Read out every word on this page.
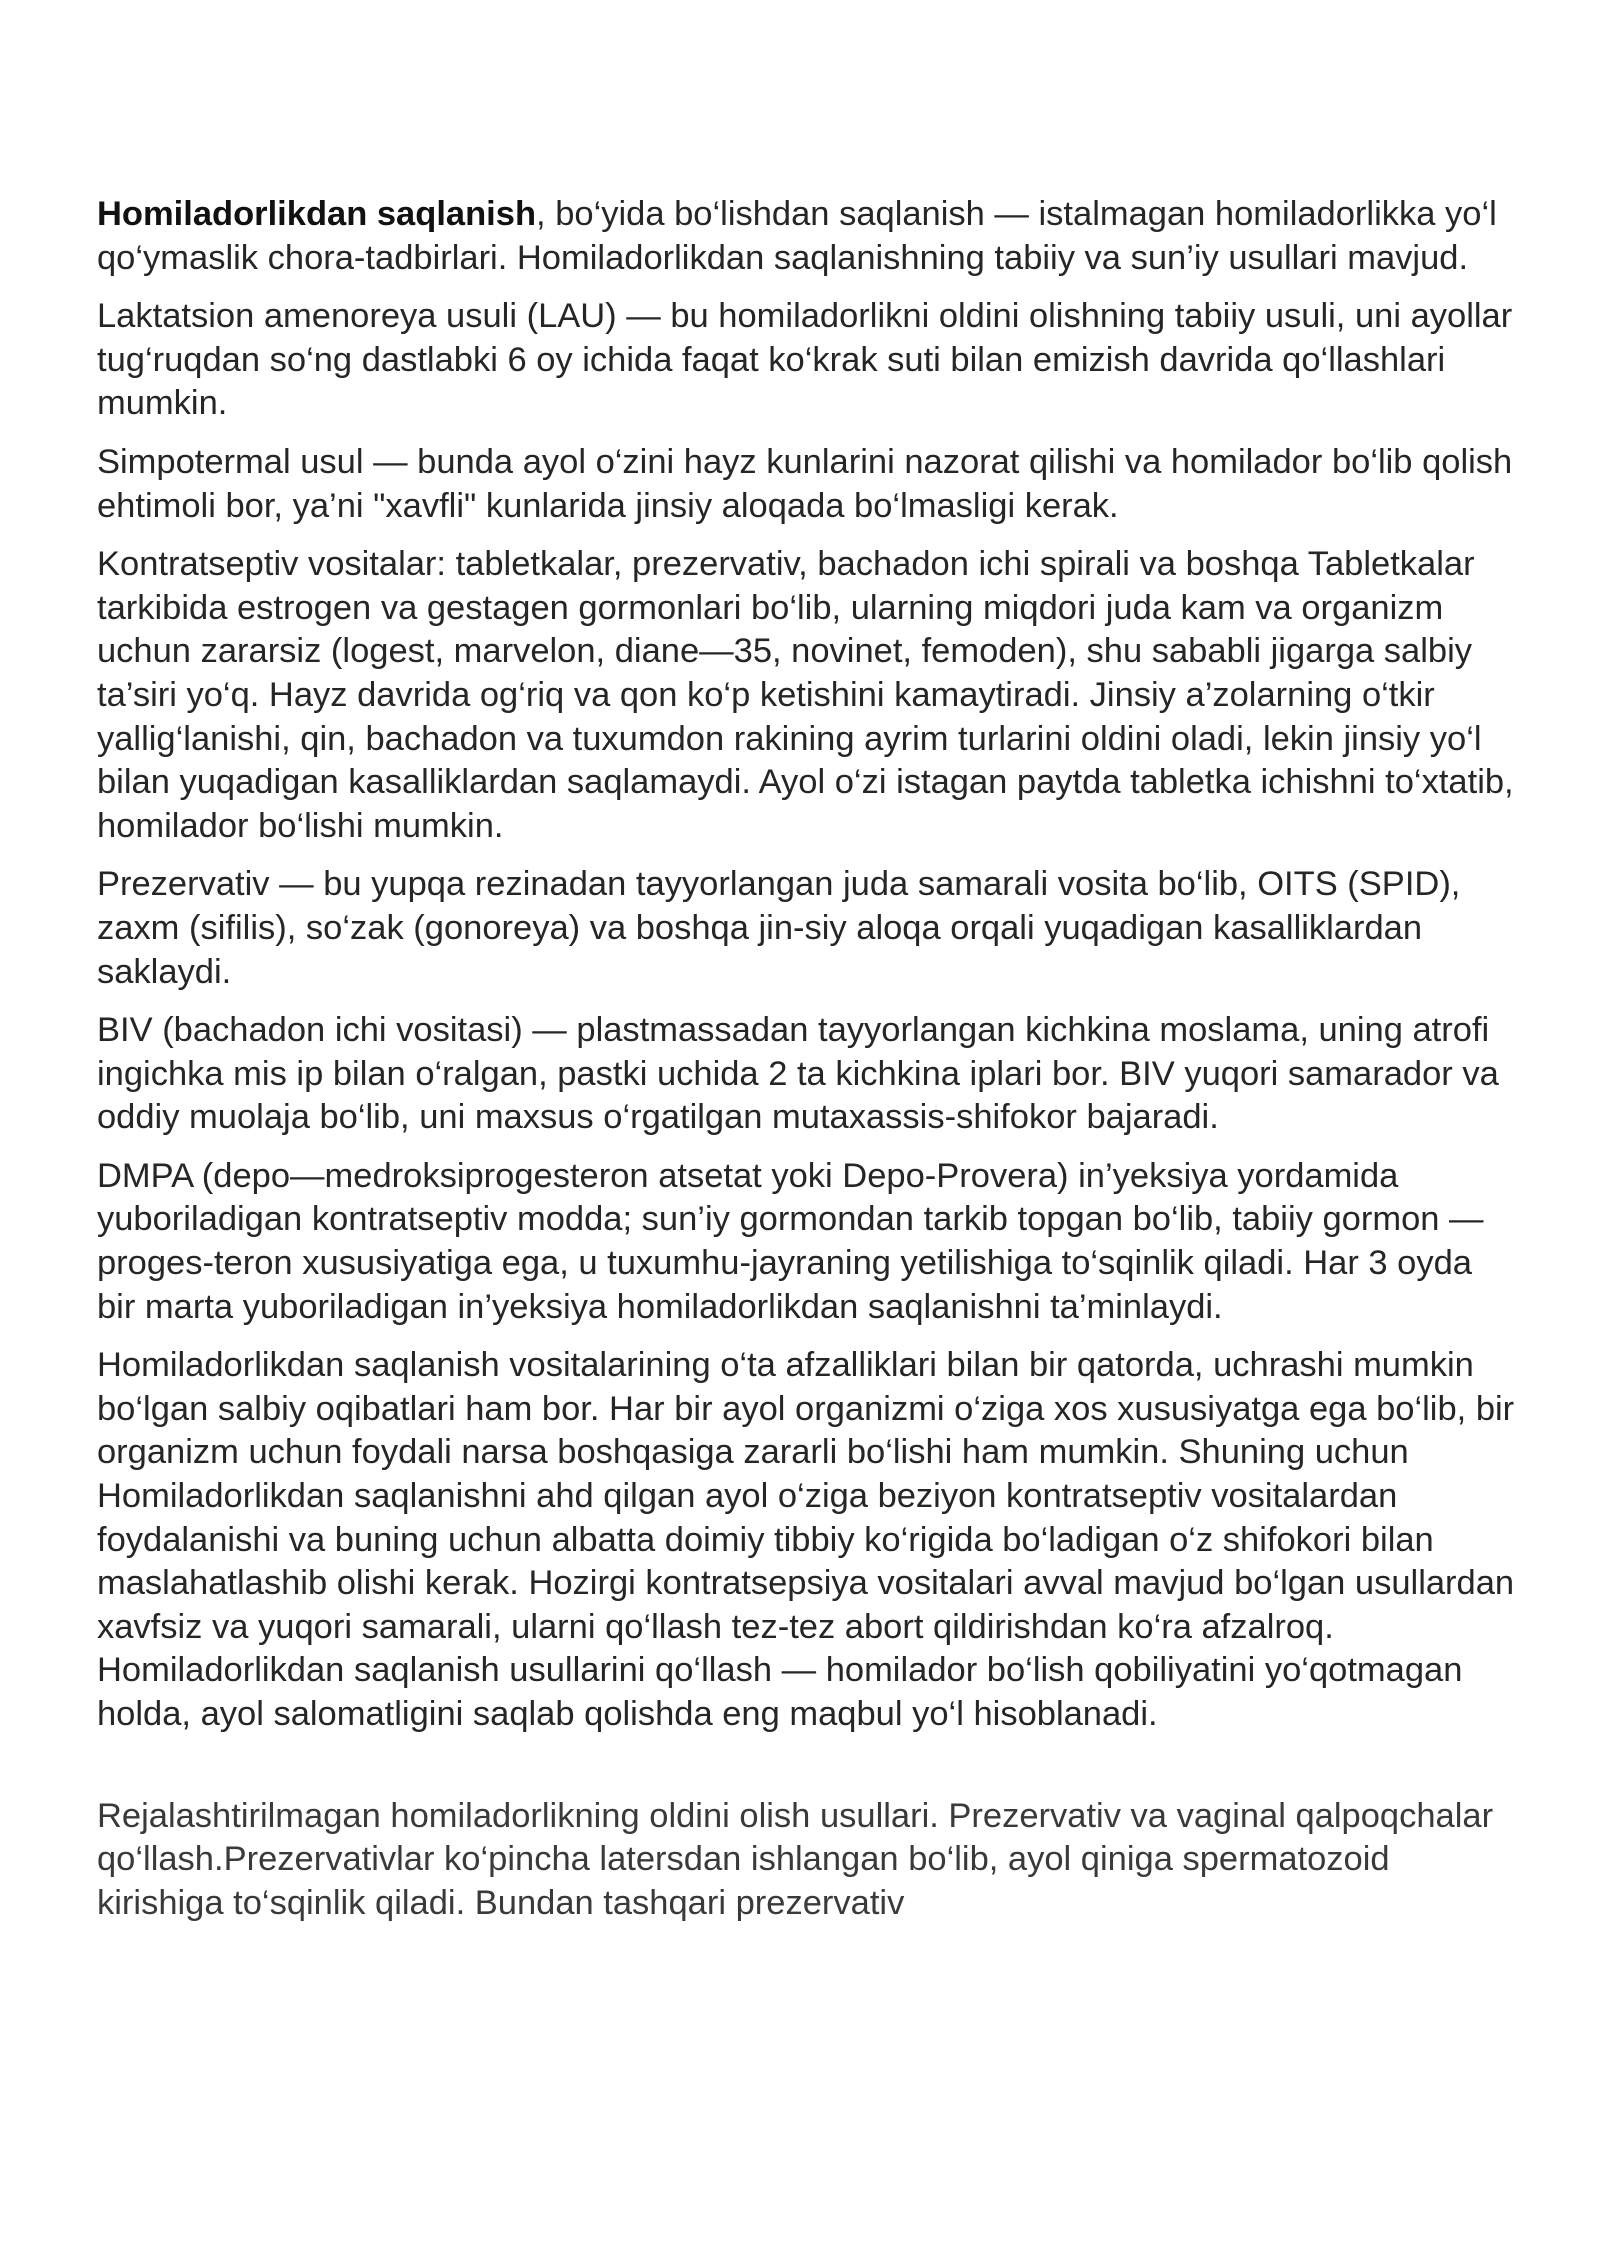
Homiladorlikdan saqlanish, bo‘yida bo‘lishdan saqlanish — istalmagan homiladorlikka yo‘l qo‘ymaslik chora-tadbirlari. Homiladorlikdan saqlanishning tabiiy va sun’iy usullari mavjud.

Laktatsion amenoreya usuli (LAU) — bu homiladorlikni oldini olishning tabiiy usuli, uni ayollar tug‘ruqdan so‘ng dastlabki 6 oy ichida faqat ko‘krak suti bilan emizish davrida qo‘llashlari mumkin.

Simpotermal usul — bunda ayol o‘zini hayz kunlarini nazorat qilishi va homilador bo‘lib qolish ehtimoli bor, ya’ni "xavfli" kunlarida jinsiy aloqada bo‘lmasligi kerak.

Kontratseptiv vositalar: tabletkalar, prezervativ, bachadon ichi spirali va boshqa Tabletkalar tarkibida estrogen va gestagen gormonlari bo‘lib, ularning miqdori juda kam va organizm uchun zararsiz (logest, marvelon, diane—35, novinet, femoden), shu sababli jigarga salbiy ta’siri yo‘q. Hayz davrida og‘riq va qon ko‘p ketishini kamaytiradi. Jinsiy a’zolarning o‘tkir yallig‘lanishi, qin, bachadon va tuxumdon rakining ayrim turlarini oldini oladi, lekin jinsiy yo‘l bilan yuqadigan kasalliklardan saqlamaydi. Ayol o‘zi istagan paytda tabletka ichishni to‘xtatib, homilador bo‘lishi mumkin.

Prezervativ — bu yupqa rezinadan tayyorlangan juda samarali vosita bo‘lib, OITS (SPID), zaxm (sifilis), so‘zak (gonoreya) va boshqa jin-siy aloqa orqali yuqadigan kasalliklardan saklaydi.

BIV (bachadon ichi vositasi) — plastmassadan tayyorlangan kichkina moslama, uning atrofi ingichka mis ip bilan o‘ralgan, pastki uchida 2 ta kichkina iplari bor. BIV yuqori samarador va oddiy muolaja bo‘lib, uni maxsus o‘rgatilgan mutaxassis-shifokor bajaradi.

DMPA (depo—medroksiprogesteron atsetat yoki Depo-Provera) in’yeksiya yordamida yuboriladigan kontratseptiv modda; sun’iy gormondan tarkib topgan bo‘lib, tabiiy gormon — proges-teron xususiyatiga ega, u tuxumhu-jayraning yetilishiga to‘sqinlik qiladi. Har 3 oyda bir marta yuboriladigan in’yeksiya homiladorlikdan saqlanishni ta’minlaydi.

Homiladorlikdan saqlanish vositalarining o‘ta afzalliklari bilan bir qatorda, uchrashi mumkin bo‘lgan salbiy oqibatlari ham bor. Har bir ayol organizmi o‘ziga xos xususiyatga ega bo‘lib, bir organizm uchun foydali narsa boshqasiga zararli bo‘lishi ham mumkin. Shuning uchun Homiladorlikdan saqlanishni ahd qilgan ayol o‘ziga beziyon kontratseptiv vositalardan foydalanishi va buning uchun albatta doimiy tibbiy ko‘rigida bo‘ladigan o‘z shifokori bilan maslahatlashib olishi kerak. Hozirgi kontratsepsiya vositalari avval mavjud bo‘lgan usullardan xavfsiz va yuqori samarali, ularni qo‘llash tez-tez abort qildirishdan ko‘ra afzalroq. Homiladorlikdan saqlanish usullarini qo‘llash — homilador bo‘lish qobiliyatini yo‘qotmagan holda, ayol salomatligini saqlab qolishda eng maqbul yo‘l hisoblanadi.

Rejalashtirilmagan homiladorlikning oldini olish usullari. Prezervativ va vaginal qalpoqchalar qo‘llash.Prezervativlar ko‘pincha latersdan ishlangan bo‘lib, ayol qiniga spermatozoid kirishiga to‘sqinlik qiladi. Bundan tashqari prezervativ
